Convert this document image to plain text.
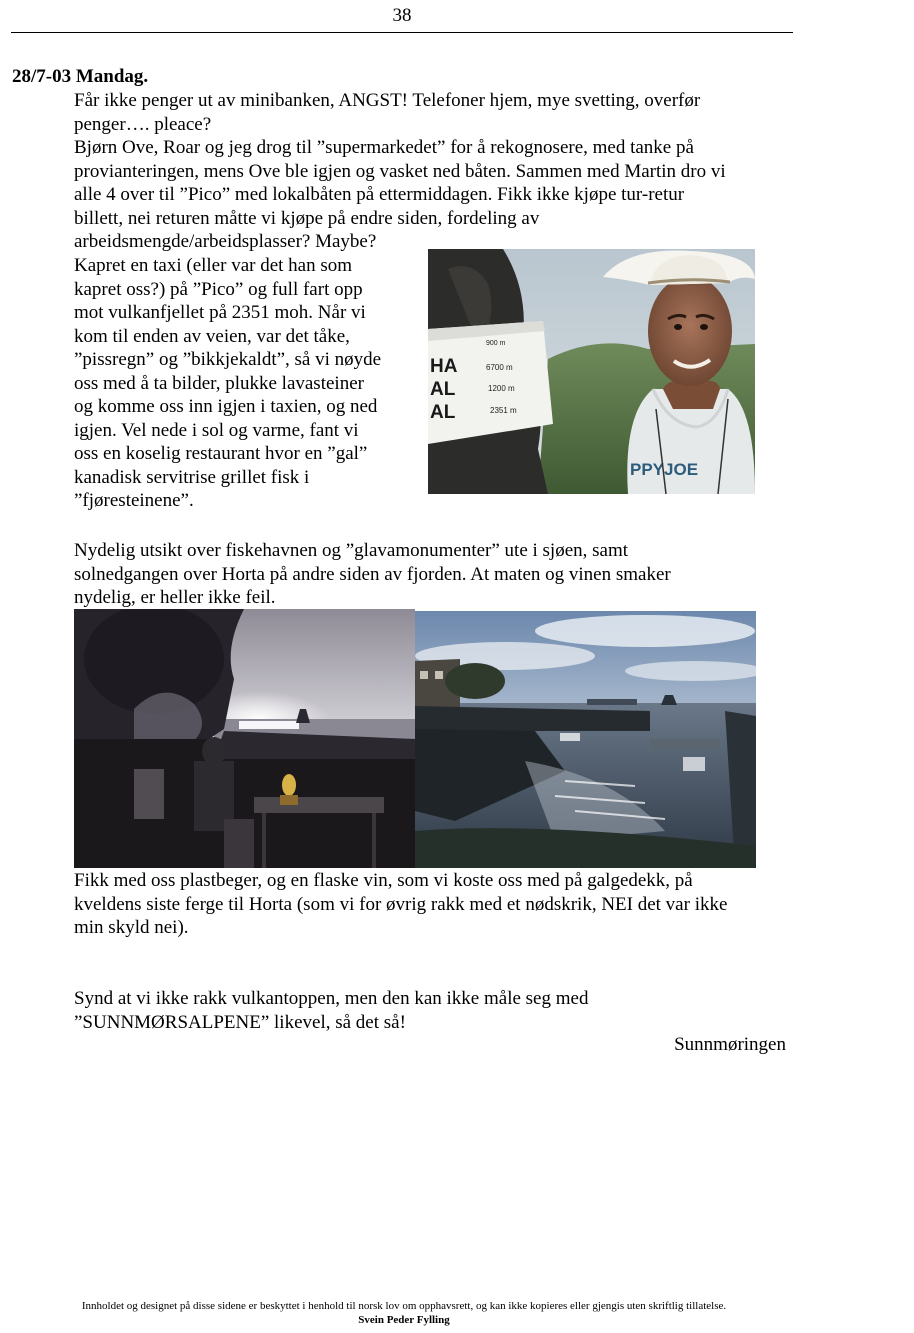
38
28/7-03 Mandag.
Får ikke penger ut av minibanken, ANGST! Telefoner hjem, mye svetting, overfør
penger…. pleace?
Bjørn Ove, Roar og jeg drog til ”supermarkedet” for å rekognosere, med tanke på
provianteringen, mens Ove ble igjen og vasket ned båten. Sammen med Martin dro vi
alle 4 over til ”Pico” med lokalbåten på ettermiddagen. Fikk ikke kjøpe tur-retur
billett, nei returen måtte vi kjøpe på endre siden, fordeling av
arbeidsmengde/arbeidsplasser? Maybe?
Kapret en taxi (eller var det han som
kapret oss?) på ”Pico” og full fart opp
mot vulkanfjellet på 2351 moh. Når vi
kom til enden av veien, var det tåke,
”pissregn” og ”bikkjekaldt”, så vi nøyde
oss med å ta bilder, plukke lavasteiner
og komme oss inn igjen i taxien, og ned
igjen. Vel nede i sol og varme, fant vi
oss en koselig restaurant hvor en ”gal”
kanadisk servitrise grillet fisk i
”fjøresteinene”.
HA
AL
AL
900 m
6700 m
1200 m
2351 m
PPYJOE
Nydelig utsikt over fiskehavnen og ”glavamonumenter” ute i sjøen, samt
solnedgangen over Horta på andre siden av fjorden. At maten og vinen smaker
nydelig, er heller ikke feil.
Fikk med oss plastbeger, og en flaske vin, som vi koste oss med på galgedekk, på
kveldens siste ferge til Horta (som vi for øvrig rakk med et nødskrik, NEI det var ikke
min skyld nei).
Synd at vi ikke rakk vulkantoppen, men den kan ikke måle seg med
”SUNNMØRSALPENE” likevel, så det så!
Sunnmøringen
Innholdet og designet på disse sidene er beskyttet i henhold til norsk lov om opphavsrett, og kan ikke kopieres eller gjengis uten skriftlig tillatelse.
Svein Peder Fylling
